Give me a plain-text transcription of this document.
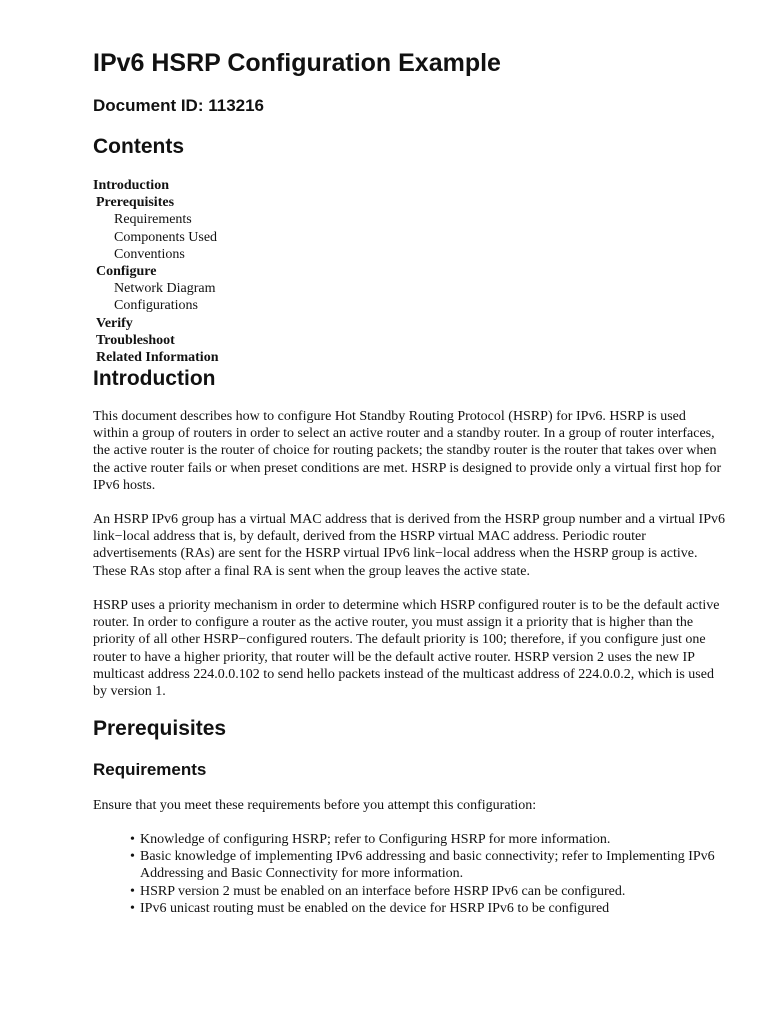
IPv6 HSRP Configuration Example
Document ID: 113216
Contents
Introduction
Prerequisites
Requirements
Components Used
Conventions
Configure
Network Diagram
Configurations
Verify
Troubleshoot
Related Information
Introduction

This document describes how to configure Hot Standby Routing Protocol (HSRP) for IPv6. HSRP is used within a group of routers in order to select an active router and a standby router. In a group of router interfaces, the active router is the router of choice for routing packets; the standby router is the router that takes over when the active router fails or when preset conditions are met. HSRP is designed to provide only a virtual first hop for IPv6 hosts.

An HSRP IPv6 group has a virtual MAC address that is derived from the HSRP group number and a virtual IPv6 link−local address that is, by default, derived from the HSRP virtual MAC address. Periodic router advertisements (RAs) are sent for the HSRP virtual IPv6 link−local address when the HSRP group is active. These RAs stop after a final RA is sent when the group leaves the active state.

HSRP uses a priority mechanism in order to determine which HSRP configured router is to be the default active router. In order to configure a router as the active router, you must assign it a priority that is higher than the priority of all other HSRP−configured routers. The default priority is 100; therefore, if you configure just one router to have a higher priority, that router will be the default active router. HSRP version 2 uses the new IP multicast address 224.0.0.102 to send hello packets instead of the multicast address of 224.0.0.2, which is used by version 1.

Prerequisites
Requirements

Ensure that you meet these requirements before you attempt this configuration:

• Knowledge of configuring HSRP; refer to Configuring HSRP for more information.
• Basic knowledge of implementing IPv6 addressing and basic connectivity; refer to Implementing IPv6 Addressing and Basic Connectivity for more information.
• HSRP version 2 must be enabled on an interface before HSRP IPv6 can be configured.
• IPv6 unicast routing must be enabled on the device for HSRP IPv6 to be configured
